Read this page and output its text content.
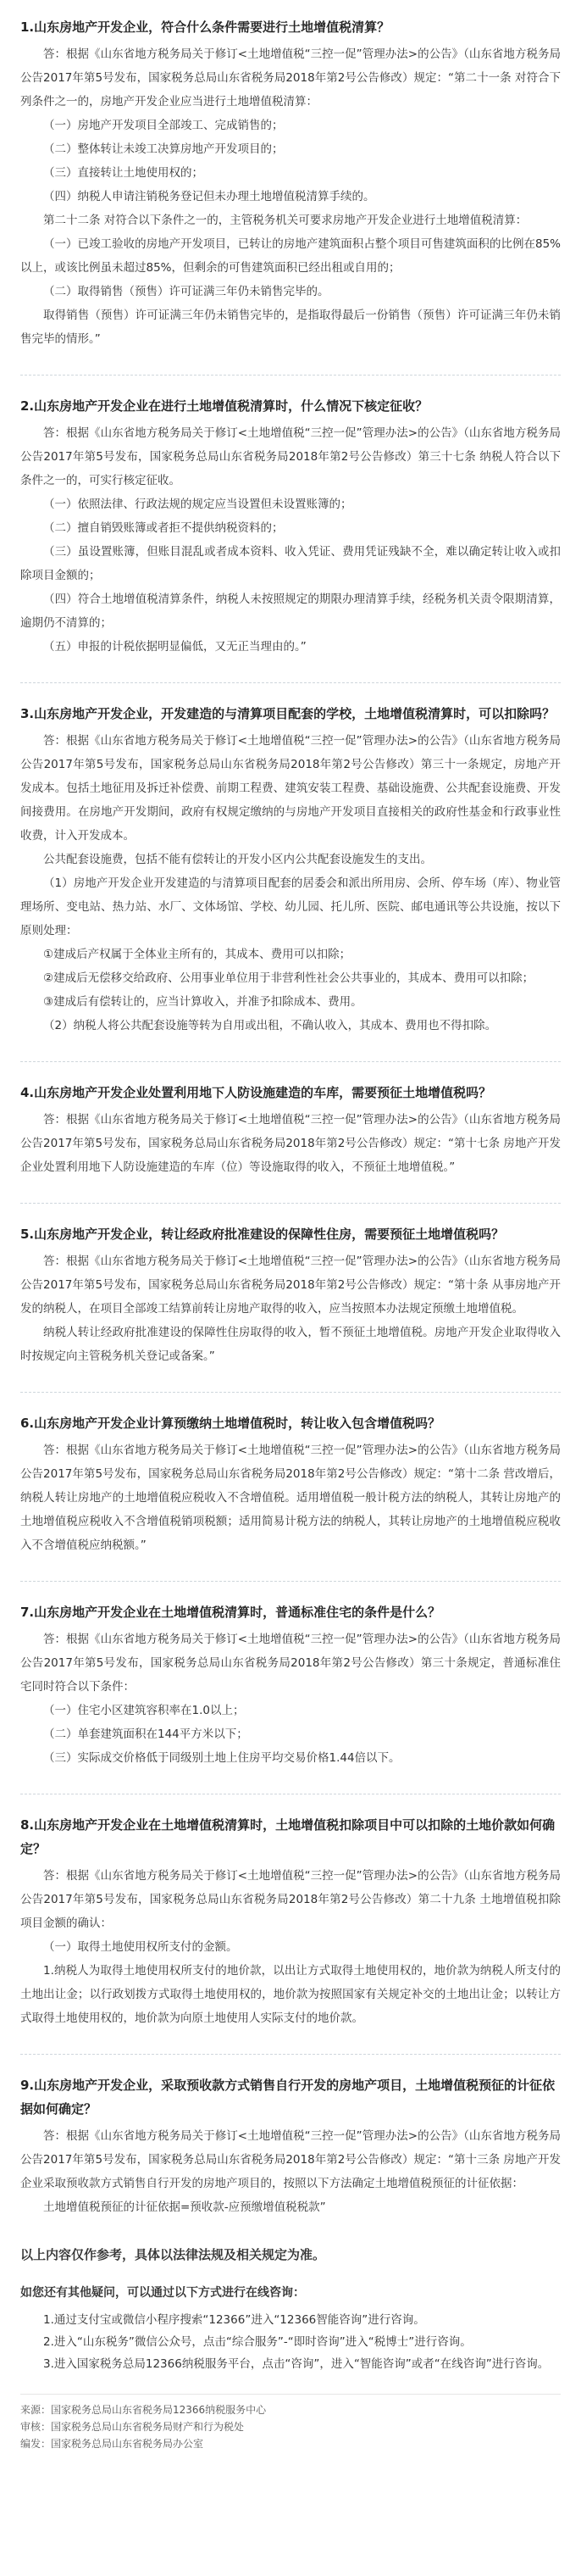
1.山东房地产开发企业，符合什么条件需要进行土地增值税清算？

答：根据《山东省地方税务局关于修订<土地增值税“三控一促”管理办法>的公告》（山东省地方税务局公告2017年第5号发布，国家税务总局山东省税务局2018年第2号公告修改）规定：“第二十一条 对符合下列条件之一的，房地产开发企业应当进行土地增值税清算：

（一）房地产开发项目全部竣工、完成销售的；

（二）整体转让未竣工决算房地产开发项目的；

（三）直接转让土地使用权的；

（四）纳税人申请注销税务登记但未办理土地增值税清算手续的。

第二十二条 对符合以下条件之一的，主管税务机关可要求房地产开发企业进行土地增值税清算：

（一）已竣工验收的房地产开发项目，已转让的房地产建筑面积占整个项目可售建筑面积的比例在85%以上，或该比例虽未超过85%，但剩余的可售建筑面积已经出租或自用的；

（二）取得销售（预售）许可证满三年仍未销售完毕的。

取得销售（预售）许可证满三年仍未销售完毕的，是指取得最后一份销售（预售）许可证满三年仍未销售完毕的情形。”

2.山东房地产开发企业在进行土地增值税清算时，什么情况下核定征收？

答：根据《山东省地方税务局关于修订<土地增值税“三控一促”管理办法>的公告》（山东省地方税务局公告2017年第5号发布，国家税务总局山东省税务局2018年第2号公告修改）第三十七条 纳税人符合以下条件之一的，可实行核定征收。

（一）依照法律、行政法规的规定应当设置但未设置账簿的；

（二）擅自销毁账簿或者拒不提供纳税资料的；

（三）虽设置账簿，但账目混乱或者成本资料、收入凭证、费用凭证残缺不全，难以确定转让收入或扣除项目金额的；

（四）符合土地增值税清算条件，纳税人未按照规定的期限办理清算手续，经税务机关责令限期清算，逾期仍不清算的；

（五）申报的计税依据明显偏低，又无正当理由的。”

3.山东房地产开发企业，开发建造的与清算项目配套的学校，土地增值税清算时，可以扣除吗？

答：根据《山东省地方税务局关于修订<土地增值税“三控一促”管理办法>的公告》（山东省地方税务局公告2017年第5号发布，国家税务总局山东省税务局2018年第2号公告修改）第三十一条规定，房地产开发成本。包括土地征用及拆迁补偿费、前期工程费、建筑安装工程费、基础设施费、公共配套设施费、开发间接费用。在房地产开发期间，政府有权规定缴纳的与房地产开发项目直接相关的政府性基金和行政事业性收费，计入开发成本。

公共配套设施费，包括不能有偿转让的开发小区内公共配套设施发生的支出。

（1）房地产开发企业开发建造的与清算项目配套的居委会和派出所用房、会所、停车场（库）、物业管理场所、变电站、热力站、水厂、文体场馆、学校、幼儿园、托儿所、医院、邮电通讯等公共设施，按以下原则处理：

①建成后产权属于全体业主所有的，其成本、费用可以扣除；

②建成后无偿移交给政府、公用事业单位用于非营利性社会公共事业的，其成本、费用可以扣除；

③建成后有偿转让的，应当计算收入，并准予扣除成本、费用。

（2）纳税人将公共配套设施等转为自用或出租，不确认收入，其成本、费用也不得扣除。

4.山东房地产开发企业处置利用地下人防设施建造的车库，需要预征土地增值税吗？

答：根据《山东省地方税务局关于修订<土地增值税“三控一促”管理办法>的公告》（山东省地方税务局公告2017年第5号发布，国家税务总局山东省税务局2018年第2号公告修改）规定：“第十七条 房地产开发企业处置利用地下人防设施建造的车库（位）等设施取得的收入，不预征土地增值税。”

5.山东房地产开发企业，转让经政府批准建设的保障性住房，需要预征土地增值税吗？

答：根据《山东省地方税务局关于修订<土地增值税“三控一促”管理办法>的公告》（山东省地方税务局公告2017年第5号发布，国家税务总局山东省税务局2018年第2号公告修改）规定：“第十条 从事房地产开发的纳税人，在项目全部竣工结算前转让房地产取得的收入，应当按照本办法规定预缴土地增值税。

纳税人转让经政府批准建设的保障性住房取得的收入，暂不预征土地增值税。房地产开发企业取得收入时按规定向主管税务机关登记或备案。”

6.山东房地产开发企业计算预缴纳土地增值税时，转让收入包含增值税吗？

答：根据《山东省地方税务局关于修订<土地增值税“三控一促”管理办法>的公告》（山东省地方税务局公告2017年第5号发布，国家税务总局山东省税务局2018年第2号公告修改）规定：“第十二条 营改增后，纳税人转让房地产的土地增值税应税收入不含增值税。适用增值税一般计税方法的纳税人，其转让房地产的土地增值税应税收入不含增值税销项税额；适用简易计税方法的纳税人，其转让房地产的土地增值税应税收入不含增值税应纳税额。”

7.山东房地产开发企业在土地增值税清算时，普通标准住宅的条件是什么？

答：根据《山东省地方税务局关于修订<土地增值税“三控一促”管理办法>的公告》（山东省地方税务局公告2017年第5号发布，国家税务总局山东省税务局2018年第2号公告修改）第三十条规定，普通标准住宅同时符合以下条件：

（一）住宅小区建筑容积率在1.0以上；

（二）单套建筑面积在144平方米以下；

（三）实际成交价格低于同级别土地上住房平均交易价格1.44倍以下。

8.山东房地产开发企业在土地增值税清算时，土地增值税扣除项目中可以扣除的土地价款如何确定？

答：根据《山东省地方税务局关于修订<土地增值税“三控一促”管理办法>的公告》（山东省地方税务局公告2017年第5号发布，国家税务总局山东省税务局2018年第2号公告修改）第二十九条 土地增值税扣除项目金额的确认：

（一）取得土地使用权所支付的金额。

1.纳税人为取得土地使用权所支付的地价款，以出让方式取得土地使用权的，地价款为纳税人所支付的土地出让金；以行政划拨方式取得土地使用权的，地价款为按照国家有关规定补交的土地出让金；以转让方式取得土地使用权的，地价款为向原土地使用人实际支付的地价款。

9.山东房地产开发企业，采取预收款方式销售自行开发的房地产项目，土地增值税预征的计征依据如何确定？

答：根据《山东省地方税务局关于修订<土地增值税“三控一促”管理办法>的公告》（山东省地方税务局公告2017年第5号发布，国家税务总局山东省税务局2018年第2号公告修改）规定：“第十三条 房地产开发企业采取预收款方式销售自行开发的房地产项目的，按照以下方法确定土地增值税预征的计征依据：

土地增值税预征的计征依据=预收款-应预缴增值税税款”

以上内容仅作参考，具体以法律法规及相关规定为准。

如您还有其他疑问，可以通过以下方式进行在线咨询：

1.通过支付宝或微信小程序搜索“12366”进入“12366智能咨询”进行咨询。

2.进入“山东税务”微信公众号，点击“综合服务”-“即时咨询”进入“税博士”进行咨询。

3.进入国家税务总局12366纳税服务平台，点击“咨询”，进入“智能咨询”或者“在线咨询”进行咨询。

来源：国家税务总局山东省税务局12366纳税服务中心
审核：国家税务总局山东省税务局财产和行为税处
编发：国家税务总局山东省税务局办公室
